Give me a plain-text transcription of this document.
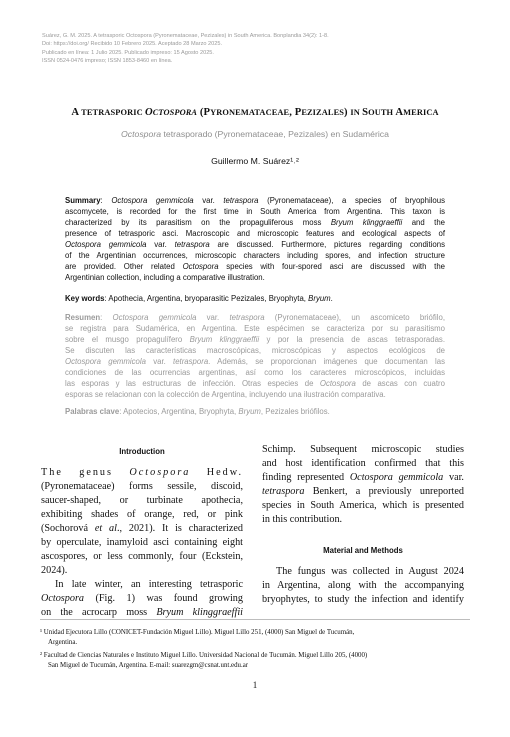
Suárez, G. M. 2025. A tetrasporic Octospora (Pyronemataceae, Pezizales) in South America. Bonplandia 34(2): 1-8.
Doi: https://doi.org/ Recibido 10 Febrero 2025. Aceptado 28 Marzo 2025.
Publicado en línea: 1 Julio 2025. Publicado impreso: 15 Agosto 2025.
ISSN 0524-0476 impreso; ISSN 1853-8460 en línea.
A TETRASPORIC OCTOSPORA (PYRONEMATACEAE, PEZIZALES) IN SOUTH AMERICA
Octospora tetrasporado (Pyronemataceae, Pezizales) en Sudamérica
Guillermo M. Suárez¹˒²
Summary: Octospora gemmicola var. tetraspora (Pyronemataceae), a species of bryophilous
ascomycete, is recorded for the first time in South America from Argentina. This taxon is
characterized by its parasitism on the propaguliferous moss Bryum klinggraeffii and the
presence of tetrasporic asci. Macroscopic and microscopic features and ecological aspects of
Octospora gemmicola var. tetraspora are discussed. Furthermore, pictures regarding conditions
of the Argentinian occurrences, microscopic characters including spores, and infection structure
are provided. Other related Octospora species with four-spored asci are discussed with the
Argentinian collection, including a comparative illustration.
Key words: Apothecia, Argentina, bryoparasitic Pezizales, Bryophyta, Bryum.
Resumen: Octospora gemmicola var. tetraspora (Pyronemataceae), un ascomiceto briófilo,
se registra para Sudamérica, en Argentina. Este espécimen se caracteriza por su parasitismo
sobre el musgo propagulífero Bryum klinggraeffii y por la presencia de ascas tetrasporadas.
Se discuten las características macroscópicas, microscópicas y aspectos ecológicos de
Octospora gemmicola var. tetraspora. Además, se proporcionan imágenes que documentan las
condiciones de las ocurrencias argentinas, así como los caracteres microscópicos, incluidas
las esporas y las estructuras de infección. Otras especies de Octospora de ascas con cuatro
esporas se relacionan con la colección de Argentina, incluyendo una ilustración comparativa.
Palabras clave: Apotecios, Argentina, Bryophyta, Bryum, Pezizales briófilos.
Introduction
The genus Octospora Hedw.
(Pyronemataceae) forms sessile, discoid,
saucer-shaped, or turbinate apothecia,
exhibiting shades of orange, red, or pink
(Sochorová et al., 2021). It is characterized
by operculate, inamyloid asci containing eight
ascospores, or less commonly, four (Eckstein,
2024).
In late winter, an interesting tetrasporic
Octospora (Fig. 1) was found growing
on the acrocarp moss Bryum klinggraeffii
Schimp. Subsequent microscopic studies
and host identification confirmed that this
finding represented Octospora gemmicola var.
tetraspora Benkert, a previously unreported
species in South America, which is presented
in this contribution.
Material and Methods
The fungus was collected in August 2024
in Argentina, along with the accompanying
bryophytes, to study the infection and identify
¹ Unidad Ejecutora Lillo (CONICET-Fundación Miguel Lillo). Miguel Lillo 251, (4000) San Miguel de Tucumán,
Argentina.
² Facultad de Ciencias Naturales e Instituto Miguel Lillo. Universidad Nacional de Tucumán. Miguel Lillo 205, (4000)
San Miguel de Tucumán, Argentina. E-mail: suarezgm@csnat.unt.edu.ar
1
